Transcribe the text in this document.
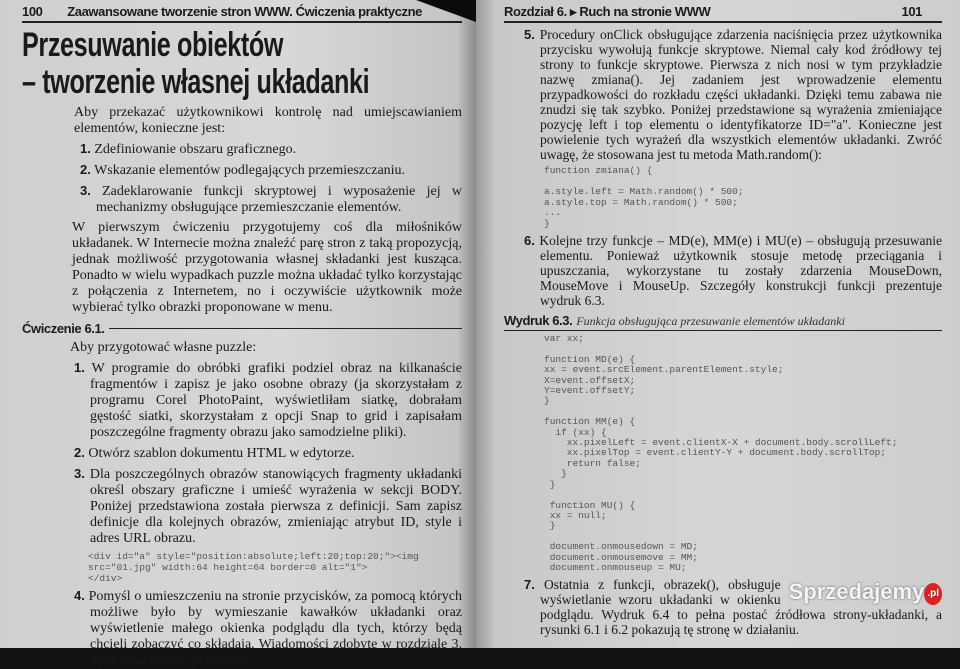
100 Zaawansowane tworzenie stron WWW. Ćwiczenia praktyczne
Przesuwanie obiektów
– tworzenie własnej układanki
Aby przekazać użytkownikowi kontrolę nad umiejscawianiem elementów, konieczne jest:
1. Zdefiniowanie obszaru graficznego.
2. Wskazanie elementów podlegających przemieszczaniu.
3. Zadeklarowanie funkcji skryptowej i wyposażenie jej w mechanizmy obsługujące przemieszczanie elementów.
W pierwszym ćwiczeniu przygotujemy coś dla miłośników układanek. W Internecie można znaleźć parę stron z taką propozycją, jednak możliwość przygotowania własnej składanki jest kusząca. Ponadto w wielu wypadkach puzzle można układać tylko korzystając z połączenia z Internetem, no i oczywiście użytkownik może wybierać tylko obrazki proponowane w menu.
Ćwiczenie 6.1.
Aby przygotować własne puzzle:
1. W programie do obróbki grafiki podziel obraz na kilkanaście fragmentów i zapisz je jako osobne obrazy (ja skorzystałam z programu Corel PhotoPaint, wyświetliłam siatkę, dobrałam gęstość siatki, skorzystałam z opcji Snap to grid i zapisałam poszczególne fragmenty obrazu jako samodzielne pliki).
2. Otwórz szablon dokumentu HTML w edytorze.
3. Dla poszczególnych obrazów stanowiących fragmenty układanki określ obszary graficzne i umieść wyrażenia w sekcji BODY. Poniżej przedstawiona została pierwsza z definicji. Sam zapisz definicje dla kolejnych obrazów, zmieniając atrybut ID, style i adres URL obrazu.
<div id="a" style="position:absolute;left:20;top:20;"><img
src="01.jpg" width:64 height=64 border=0 alt="1">
</div>
4. Pomyśl o umieszczeniu na stronie przycisków, za pomocą których możliwe było by wymieszanie kawałków układanki oraz wyświetlenie małego okienka podglądu dla tych, którzy będą chcieli zobaczyć co składają. Wiadomości zdobyte w rozdziale 3. będą teraz bardzo przydatne.
Rozdział 6. ▸ Ruch na stronie WWW	101
5. Procedury onClick obsługujące zdarzenia naciśnięcia przez użytkownika przycisku wywołują funkcje skryptowe. Niemal cały kod źródłowy tej strony to funkcje skryptowe. Pierwsza z nich nosi w tym przykładzie nazwę zmiana(). Jej zadaniem jest wprowadzenie elementu przypadkowości do rozkładu części układanki. Dzięki temu zabawa nie znudzi się tak szybko. Poniżej przedstawione są wyrażenia zmieniające pozycję left i top elementu o identyfikatorze ID="a". Konieczne jest powielenie tych wyrażeń dla wszystkich elementów układanki. Zwróć uwagę, że stosowana jest tu metoda Math.random():
function zmiana() {

a.style.left = Math.random() * 500;
a.style.top = Math.random() * 500;
...
}
6. Kolejne trzy funkcje – MD(e), MM(e) i MU(e) – obsługują przesuwanie elementu. Ponieważ użytkownik stosuje metodę przeciągania i upuszczania, wykorzystane tu zostały zdarzenia MouseDown, MouseMove i MouseUp. Szczegóły konstrukcji funkcji prezentuje wydruk 6.3.
Wydruk 6.3. Funkcja obsługująca przesuwanie elementów układanki
var xx;

function MD(e) {
xx = event.srcElement.parentElement.style;
X=event.offsetX;
Y=event.offsetY;
}

function MM(e) {
if (xx) {
xx.pixelLeft = event.clientX-X + document.body.scrollLeft;
xx.pixelTop = event.clientY-Y + document.body.scrollTop;
return false;
}
}

function MU() {
xx = null;
}

document.onmousedown = MD;
document.onmousemove = MM;
document.onmouseup = MU;
Sprzedajemy .pl
7. Ostatnia z funkcji, obrazek(), obsługuje wyświetlanie wzoru układanki w okienku podglądu. Wydruk 6.4 to pełna postać źródłowa strony-układanki, a rysunki 6.1 i 6.2 pokazują tę stronę w działaniu.
